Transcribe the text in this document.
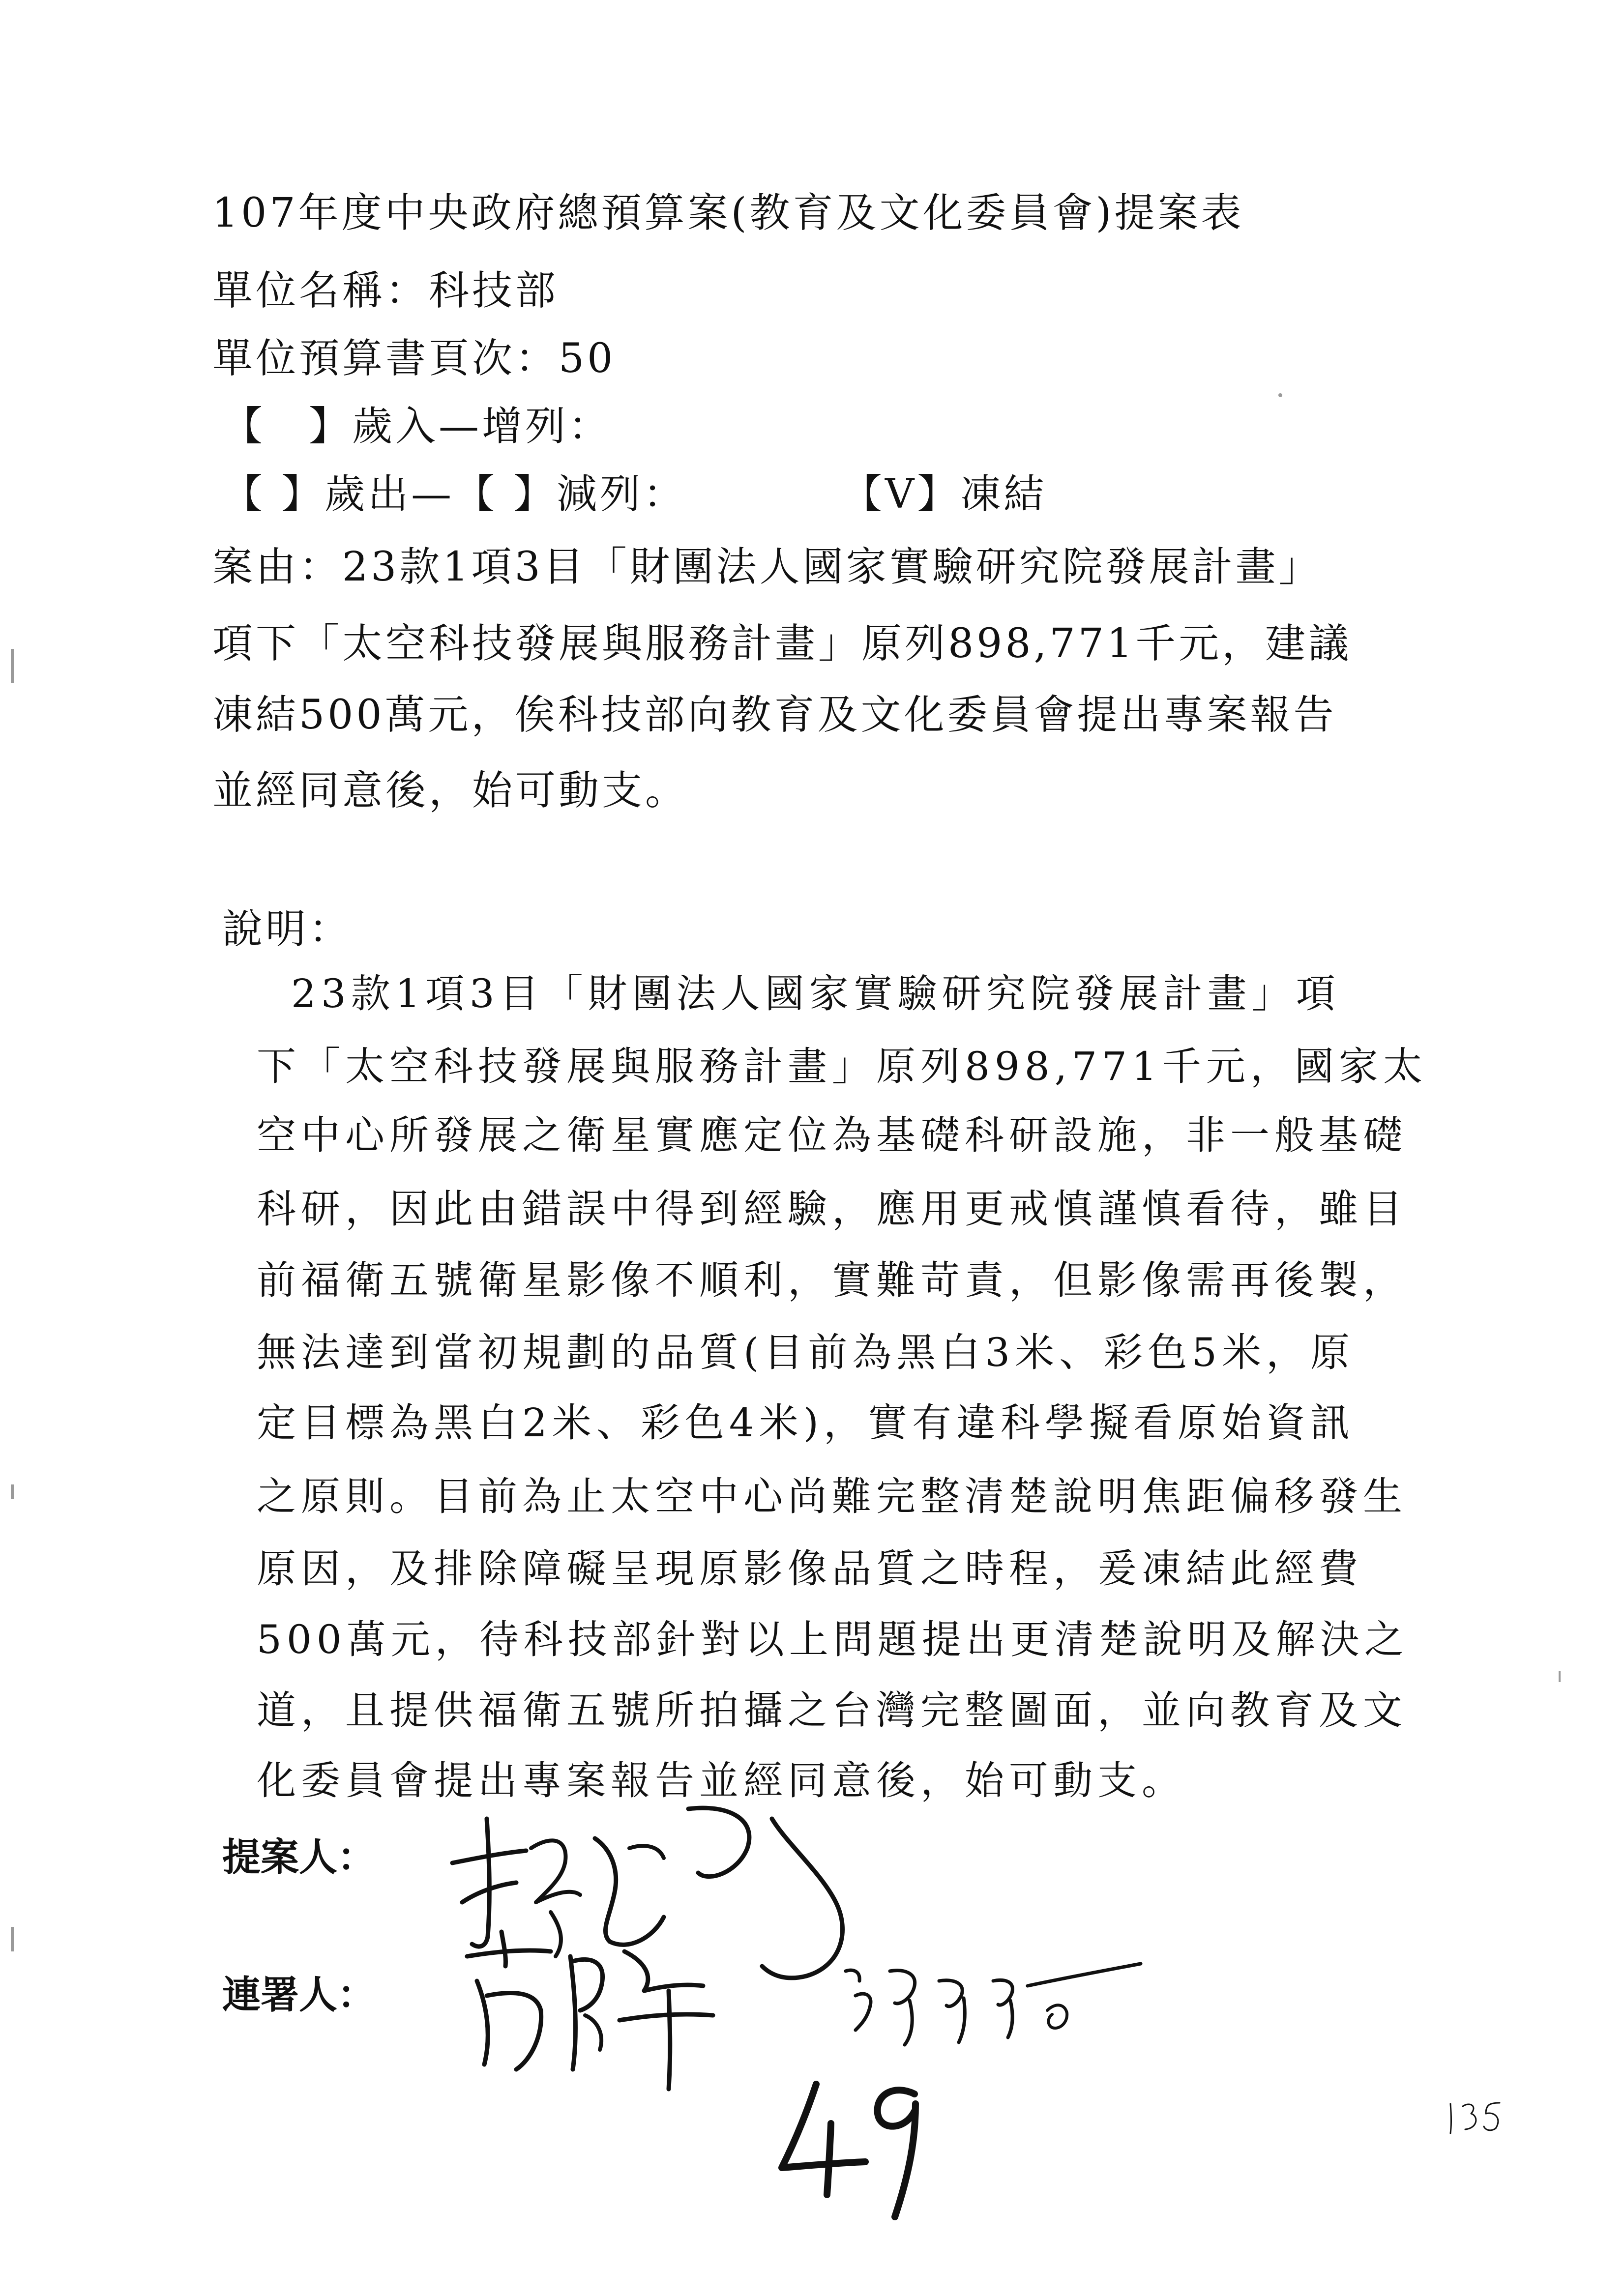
107年度中央政府總預算案(教育及文化委員會)提案表
單位名稱：科技部
單位預算書頁次：50
【　】歲入—增列：
【 】歲出—【 】減列：	【V】凍結
案由：23款1項3目「財團法人國家實驗研究院發展計畫」
項下「太空科技發展與服務計畫」原列898,771千元，建議
凍結500萬元，俟科技部向教育及文化委員會提出專案報告
並經同意後，始可動支。
說明：
23款1項3目「財團法人國家實驗研究院發展計畫」項
下「太空科技發展與服務計畫」原列898,771千元，國家太
空中心所發展之衛星實應定位為基礎科研設施，非一般基礎
科研，因此由錯誤中得到經驗，應用更戒慎謹慎看待，雖目
前福衛五號衛星影像不順利，實難苛責，但影像需再後製，
無法達到當初規劃的品質(目前為黑白3米、彩色5米，原
定目標為黑白2米、彩色4米)，實有違科學擬看原始資訊
之原則。目前為止太空中心尚難完整清楚說明焦距偏移發生
原因，及排除障礙呈現原影像品質之時程，爰凍結此經費
500萬元，待科技部針對以上問題提出更清楚說明及解決之
道，且提供福衛五號所拍攝之台灣完整圖面，並向教育及文
化委員會提出專案報告並經同意後，始可動支。
提案人：
連署人：
